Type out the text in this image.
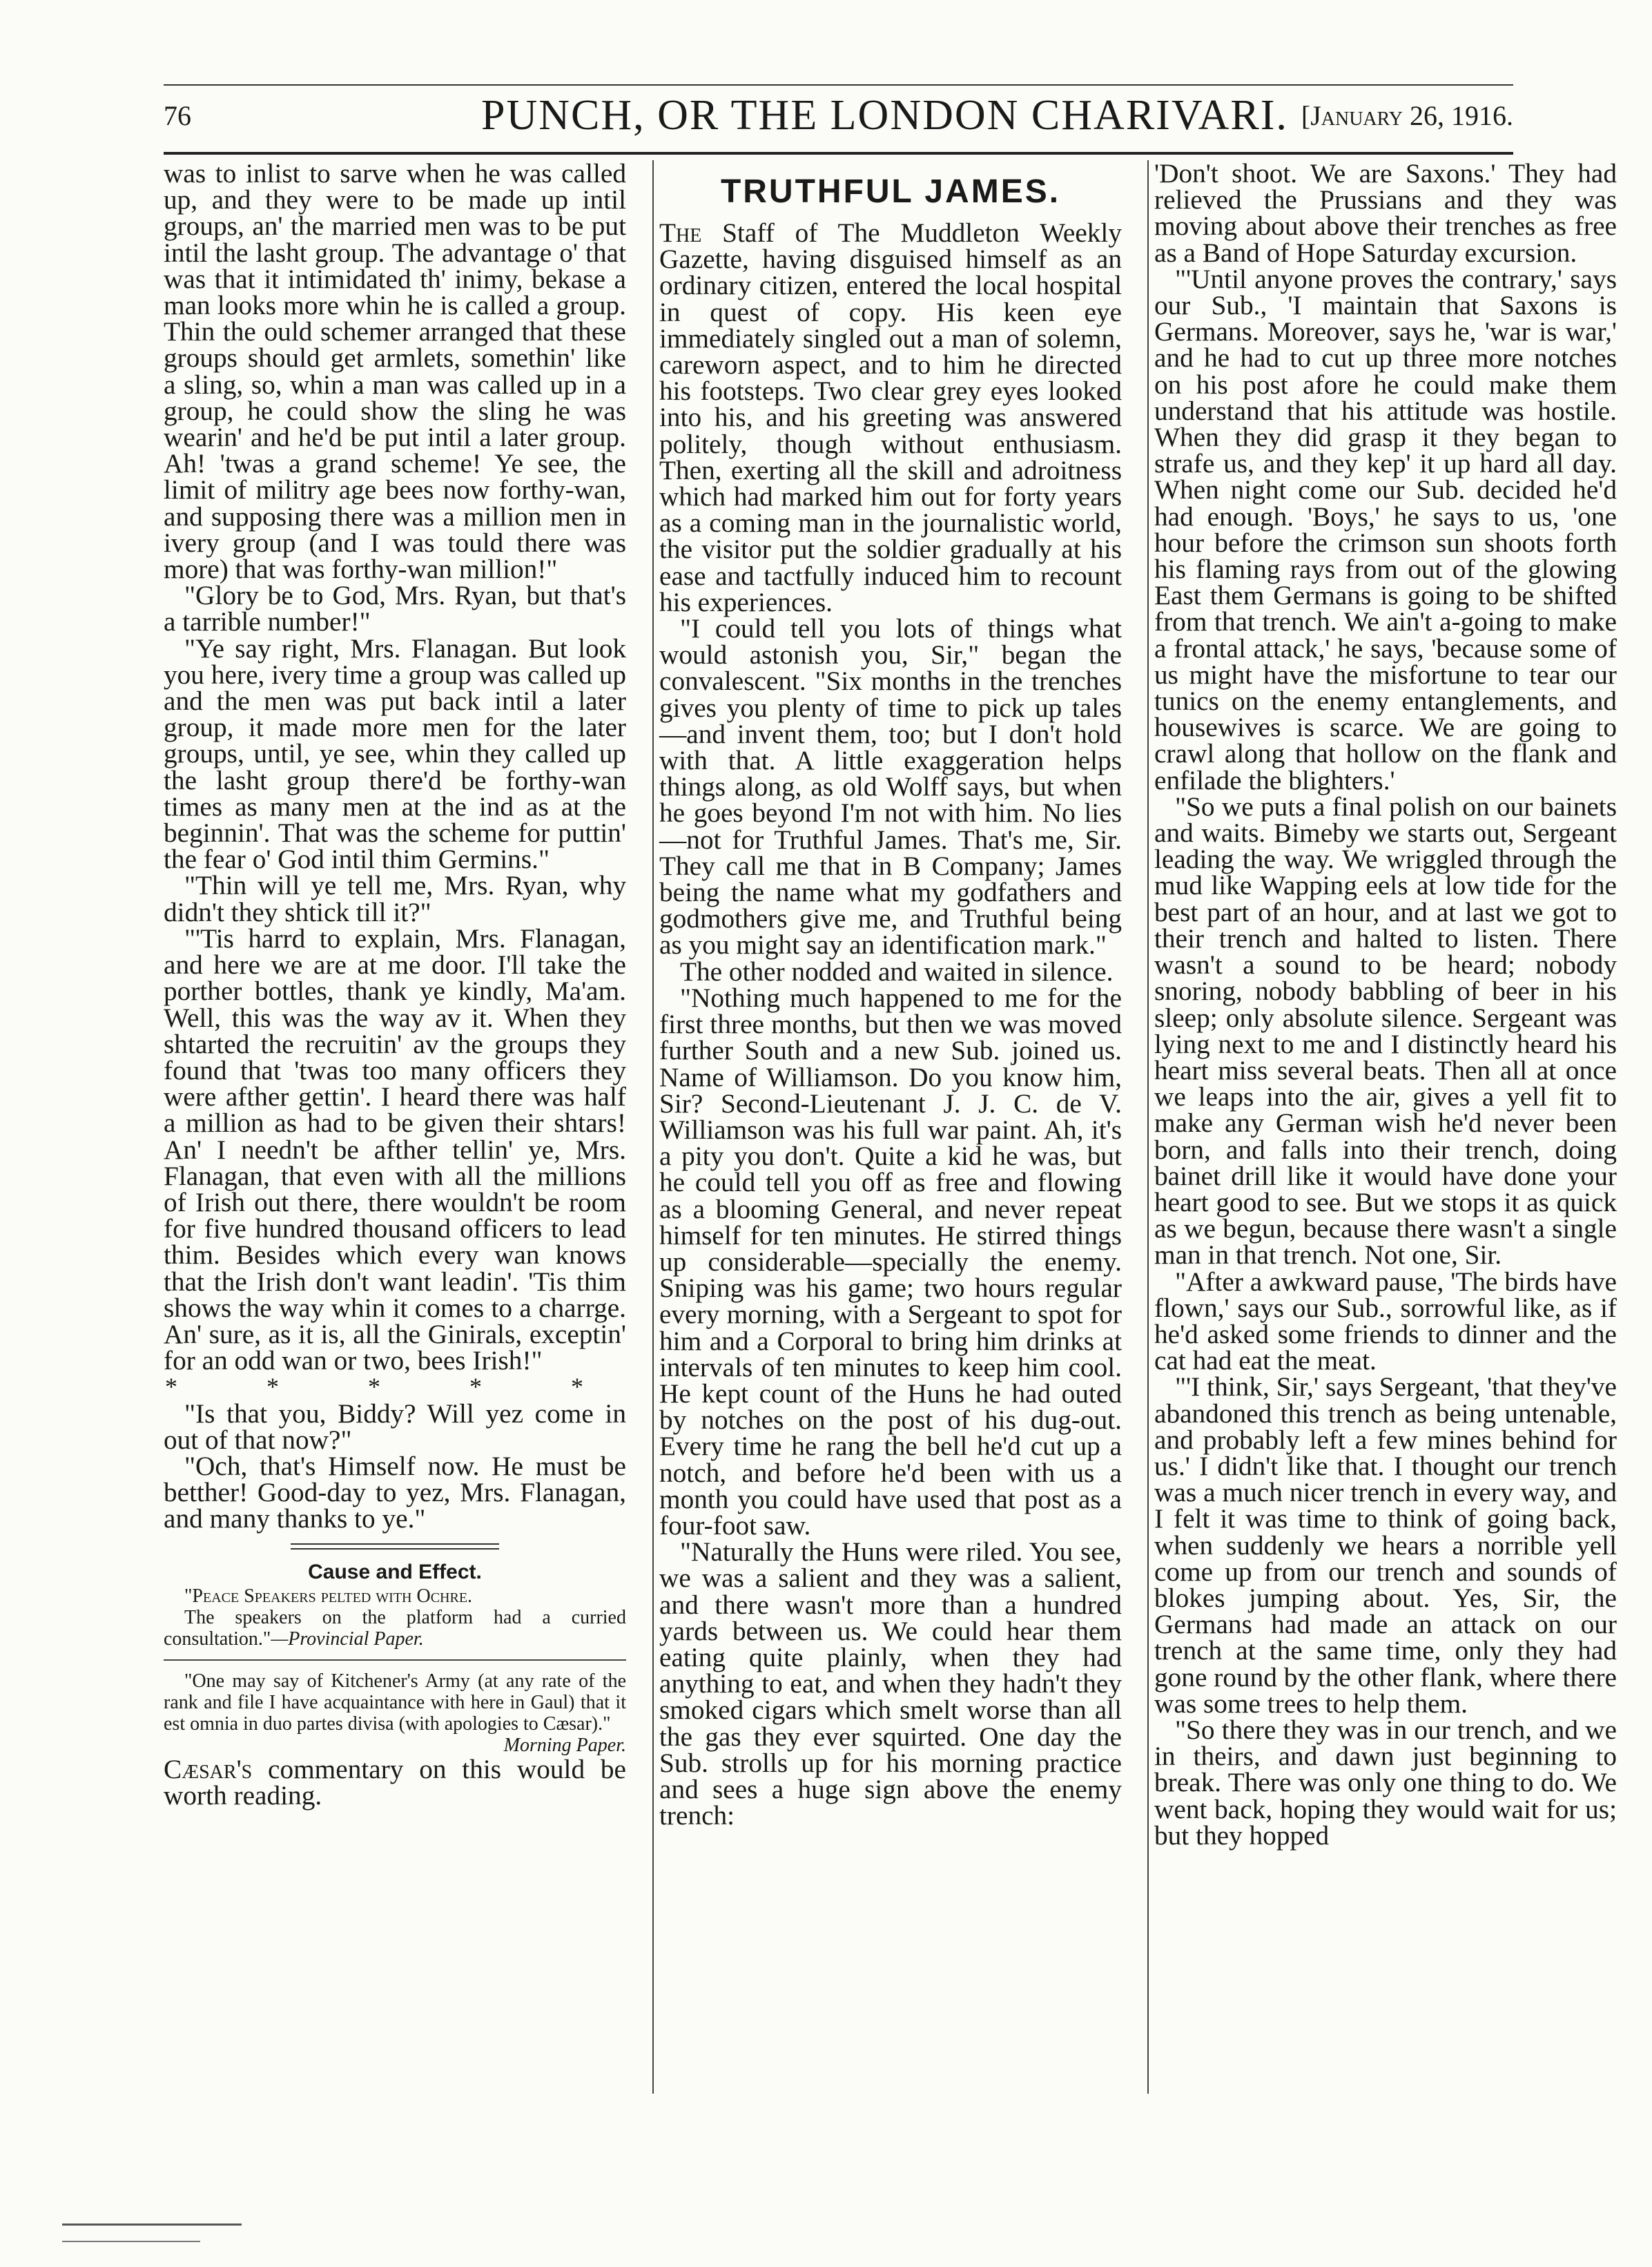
76	PUNCH, OR THE LONDON CHARIVARI. [January 26, 1916.

was to inlist to sarve when he was called up, and they were to be made up intil groups, an' the married men was to be put intil the lasht group. The advantage o' that was that it intimidated th' inimy, bekase a man looks more whin he is called a group. Thin the ould schemer arranged that these groups should get armlets, somethin' like a sling, so, whin a man was called up in a group, he could show the sling he was wearin' and he'd be put intil a later group. Ah! 'twas a grand scheme! Ye see, the limit of militry age bees now forthy-wan, and supposing there was a million men in ivery group (and I was tould there was more) that was forthy-wan million!"

"Glory be to God, Mrs. Ryan, but that's a tarrible number!"

"Ye say right, Mrs. Flanagan. But look you here, ivery time a group was called up and the men was put back intil a later group, it made more men for the later groups, until, ye see, whin they called up the lasht group there'd be forthy-wan times as many men at the ind as at the beginnin'. That was the scheme for puttin' the fear o' God intil thim Germins."

"Thin will ye tell me, Mrs. Ryan, why didn't they shtick till it?"

"'Tis harrd to explain, Mrs. Flanagan, and here we are at me door. I'll take the porther bottles, thank ye kindly, Ma'am. Well, this was the way av it. When they shtarted the recruitin' av the groups they found that 'twas too many officers they were afther gettin'. I heard there was half a million as had to be given their shtars! An' I needn't be afther tellin' ye, Mrs. Flanagan, that even with all the millions of Irish out there, there wouldn't be room for five hundred thousand officers to lead thim. Besides which every wan knows that the Irish don't want leadin'. 'Tis thim shows the way whin it comes to a charrge. An' sure, as it is, all the Ginirals, exceptin' for an odd wan or two, bees Irish!"

* * * * *

"Is that you, Biddy? Will yez come in out of that now?"

"Och, that's Himself now. He must be betther! Good-day to yez, Mrs. Flanagan, and many thanks to ye."

Cause and Effect.

"Peace Speakers pelted with Ochre.

The speakers on the platform had a curried consultation."—Provincial Paper.

"One may say of Kitchener's Army (at any rate of the rank and file I have acquaintance with here in Gaul) that it est omnia in duo partes divisa (with apologies to Cæsar)."

Morning Paper.

Cæsar's commentary on this would be worth reading.

TRUTHFUL JAMES.

The Staff of The Muddleton Weekly Gazette, having disguised himself as an ordinary citizen, entered the local hospital in quest of copy. His keen eye immediately singled out a man of solemn, careworn aspect, and to him he directed his footsteps. Two clear grey eyes looked into his, and his greeting was answered politely, though without enthusiasm. Then, exerting all the skill and adroitness which had marked him out for forty years as a coming man in the journalistic world, the visitor put the soldier gradually at his ease and tactfully induced him to recount his experiences.

"I could tell you lots of things what would astonish you, Sir," began the convalescent. "Six months in the trenches gives you plenty of time to pick up tales—and invent them, too; but I don't hold with that. A little exaggeration helps things along, as old Wolff says, but when he goes beyond I'm not with him. No lies—not for Truthful James. That's me, Sir. They call me that in B Company; James being the name what my godfathers and godmothers give me, and Truthful being as you might say an identification mark."

The other nodded and waited in silence.

"Nothing much happened to me for the first three months, but then we was moved further South and a new Sub. joined us. Name of Williamson. Do you know him, Sir? Second-Lieutenant J. J. C. de V. Williamson was his full war paint. Ah, it's a pity you don't. Quite a kid he was, but he could tell you off as free and flowing as a blooming General, and never repeat himself for ten minutes. He stirred things up considerable—specially the enemy. Sniping was his game; two hours regular every morning, with a Sergeant to spot for him and a Corporal to bring him drinks at intervals of ten minutes to keep him cool. He kept count of the Huns he had outed by notches on the post of his dug-out. Every time he rang the bell he'd cut up a notch, and before he'd been with us a month you could have used that post as a four-foot saw.

"Naturally the Huns were riled. You see, we was a salient and they was a salient, and there wasn't more than a hundred yards between us. We could hear them eating quite plainly, when they had anything to eat, and when they hadn't they smoked cigars which smelt worse than all the gas they ever squirted. One day the Sub. strolls up for his morning practice and sees a huge sign above the enemy trench:

'Don't shoot. We are Saxons.' They had relieved the Prussians and they was moving about above their trenches as free as a Band of Hope Saturday excursion.

"'Until anyone proves the contrary,' says our Sub., 'I maintain that Saxons is Germans. Moreover, says he, 'war is war,' and he had to cut up three more notches on his post afore he could make them understand that his attitude was hostile. When they did grasp it they began to strafe us, and they kep' it up hard all day. When night come our Sub. decided he'd had enough. 'Boys,' he says to us, 'one hour before the crimson sun shoots forth his flaming rays from out of the glowing East them Germans is going to be shifted from that trench. We ain't a-going to make a frontal attack,' he says, 'because some of us might have the misfortune to tear our tunics on the enemy entanglements, and housewives is scarce. We are going to crawl along that hollow on the flank and enfilade the blighters.'

"So we puts a final polish on our bainets and waits. Bimeby we starts out, Sergeant leading the way. We wriggled through the mud like Wapping eels at low tide for the best part of an hour, and at last we got to their trench and halted to listen. There wasn't a sound to be heard; nobody snoring, nobody babbling of beer in his sleep; only absolute silence. Sergeant was lying next to me and I distinctly heard his heart miss several beats. Then all at once we leaps into the air, gives a yell fit to make any German wish he'd never been born, and falls into their trench, doing bainet drill like it would have done your heart good to see. But we stops it as quick as we begun, because there wasn't a single man in that trench. Not one, Sir.

"After a awkward pause, 'The birds have flown,' says our Sub., sorrowful like, as if he'd asked some friends to dinner and the cat had eat the meat.

"'I think, Sir,' says Sergeant, 'that they've abandoned this trench as being untenable, and probably left a few mines behind for us.' I didn't like that. I thought our trench was a much nicer trench in every way, and I felt it was time to think of going back, when suddenly we hears a norrible yell come up from our trench and sounds of blokes jumping about. Yes, Sir, the Germans had made an attack on our trench at the same time, only they had gone round by the other flank, where there was some trees to help them.

"So there they was in our trench, and we in theirs, and dawn just beginning to break. There was only one thing to do. We went back, hoping they would wait for us; but they hopped
